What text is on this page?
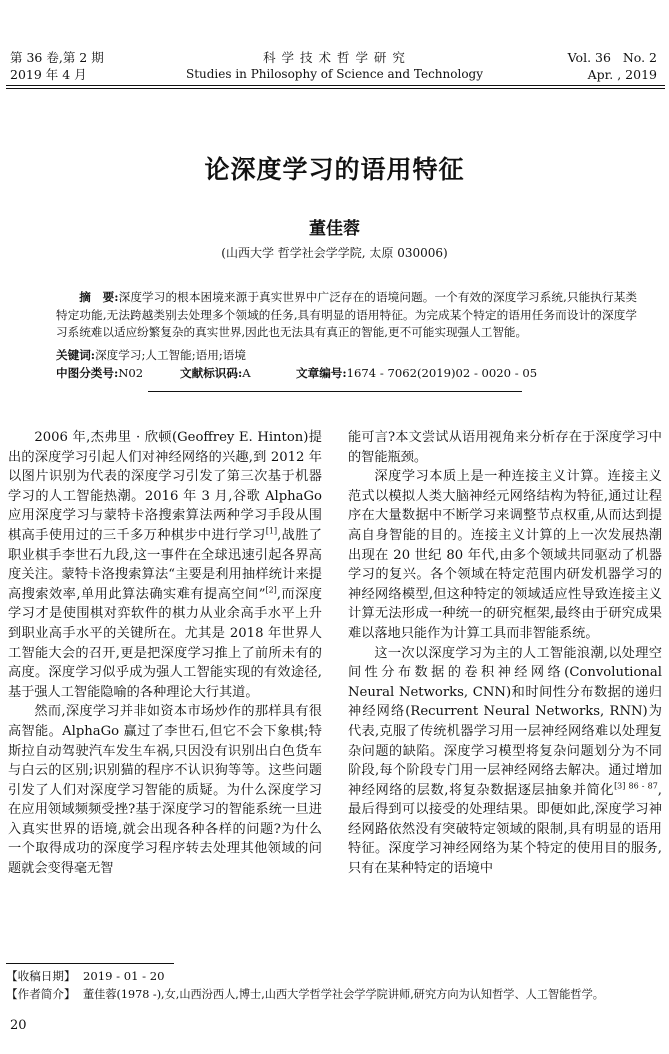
第 36 卷,第 2 期
2019 年 4 月
科 学 技 术 哲 学 研 究
Studies in Philosophy of Science and Technology
Vol. 36   No. 2
Apr. , 2019
论深度学习的语用特征
董佳蓉
(山西大学 哲学社会学学院, 太原 030006)
摘　要:深度学习的根本困境来源于真实世界中广泛存在的语境问题。一个有效的深度学习系统,只能执行某类特定功能,无法跨越类别去处理多个领域的任务,具有明显的语用特征。为完成某个特定的语用任务而设计的深度学习系统难以适应纷繁复杂的真实世界,因此也无法具有真正的智能,更不可能实现强人工智能。
关键词:深度学习;人工智能;语用;语境
中图分类号:N02	文献标识码:A	文章编号:1674 - 7062(2019)02 - 0020 - 05

2006 年,杰弗里 · 欣顿(Geoffrey E. Hinton)提出的深度学习引起人们对神经网络的兴趣,到 2012 年以图片识别为代表的深度学习引发了第三次基于机器学习的人工智能热潮。2016 年 3 月,谷歌 AlphaGo 应用深度学习与蒙特卡洛搜索算法两种学习手段从围棋高手使用过的三千多万种棋步中进行学习[1],战胜了职业棋手李世石九段,这一事件在全球迅速引起各界高度关注。蒙特卡洛搜索算法“主要是利用抽样统计来提高搜索效率,单用此算法确实难有提高空间”[2],而深度学习才是使围棋对弈软件的棋力从业余高手水平上升到职业高手水平的关键所在。尤其是 2018 年世界人工智能大会的召开,更是把深度学习推上了前所未有的高度。深度学习似乎成为强人工智能实现的有效途径,基于强人工智能隐喻的各种理论大行其道。

然而,深度学习并非如资本市场炒作的那样具有很高智能。AlphaGo 赢过了李世石,但它不会下象棋;特斯拉自动驾驶汽车发生车祸,只因没有识别出白色货车与白云的区别;识别猫的程序不认识狗等等。这些问题引发了人们对深度学习智能的质疑。为什么深度学习在应用领域频频受挫?基于深度学习的智能系统一旦进入真实世界的语境,就会出现各种各样的问题?为什么一个取得成功的深度学习程序转去处理其他领域的问题就会变得毫无智

能可言?本文尝试从语用视角来分析存在于深度学习中的智能瓶颈。

深度学习本质上是一种连接主义计算。连接主义范式以模拟人类大脑神经元网络结构为特征,通过让程序在大量数据中不断学习来调整节点权重,从而达到提高自身智能的目的。连接主义计算的上一次发展热潮出现在 20 世纪 80 年代,由多个领域共同驱动了机器学习的复兴。各个领域在特定范围内研发机器学习的神经网络模型,但这种特定的领域适应性导致连接主义计算无法形成一种统一的研究框架,最终由于研究成果难以落地只能作为计算工具而非智能系统。

这一次以深度学习为主的人工智能浪潮,以处理空间性分布数据的卷积神经网络(Convolutional Neural Networks, CNN)和时间性分布数据的递归神经网络(Recurrent Neural Networks, RNN)为代表,克服了传统机器学习用一层神经网络难以处理复杂问题的缺陷。深度学习模型将复杂问题划分为不同阶段,每个阶段专门用一层神经网络去解决。通过增加神经网络的层数,将复杂数据逐层抽象并简化$^{[3] 86 - 87}$,最后得到可以接受的处理结果。即便如此,深度学习神经网路依然没有突破特定领域的限制,具有明显的语用特征。深度学习神经网络为某个特定的使用目的服务,只有在某种特定的语境中

【收稿日期】 2019 - 01 - 20
【作者简介】 董佳蓉(1978 -),女,山西汾西人,博士,山西大学哲学社会学学院讲师,研究方向为认知哲学、人工智能哲学。
20
